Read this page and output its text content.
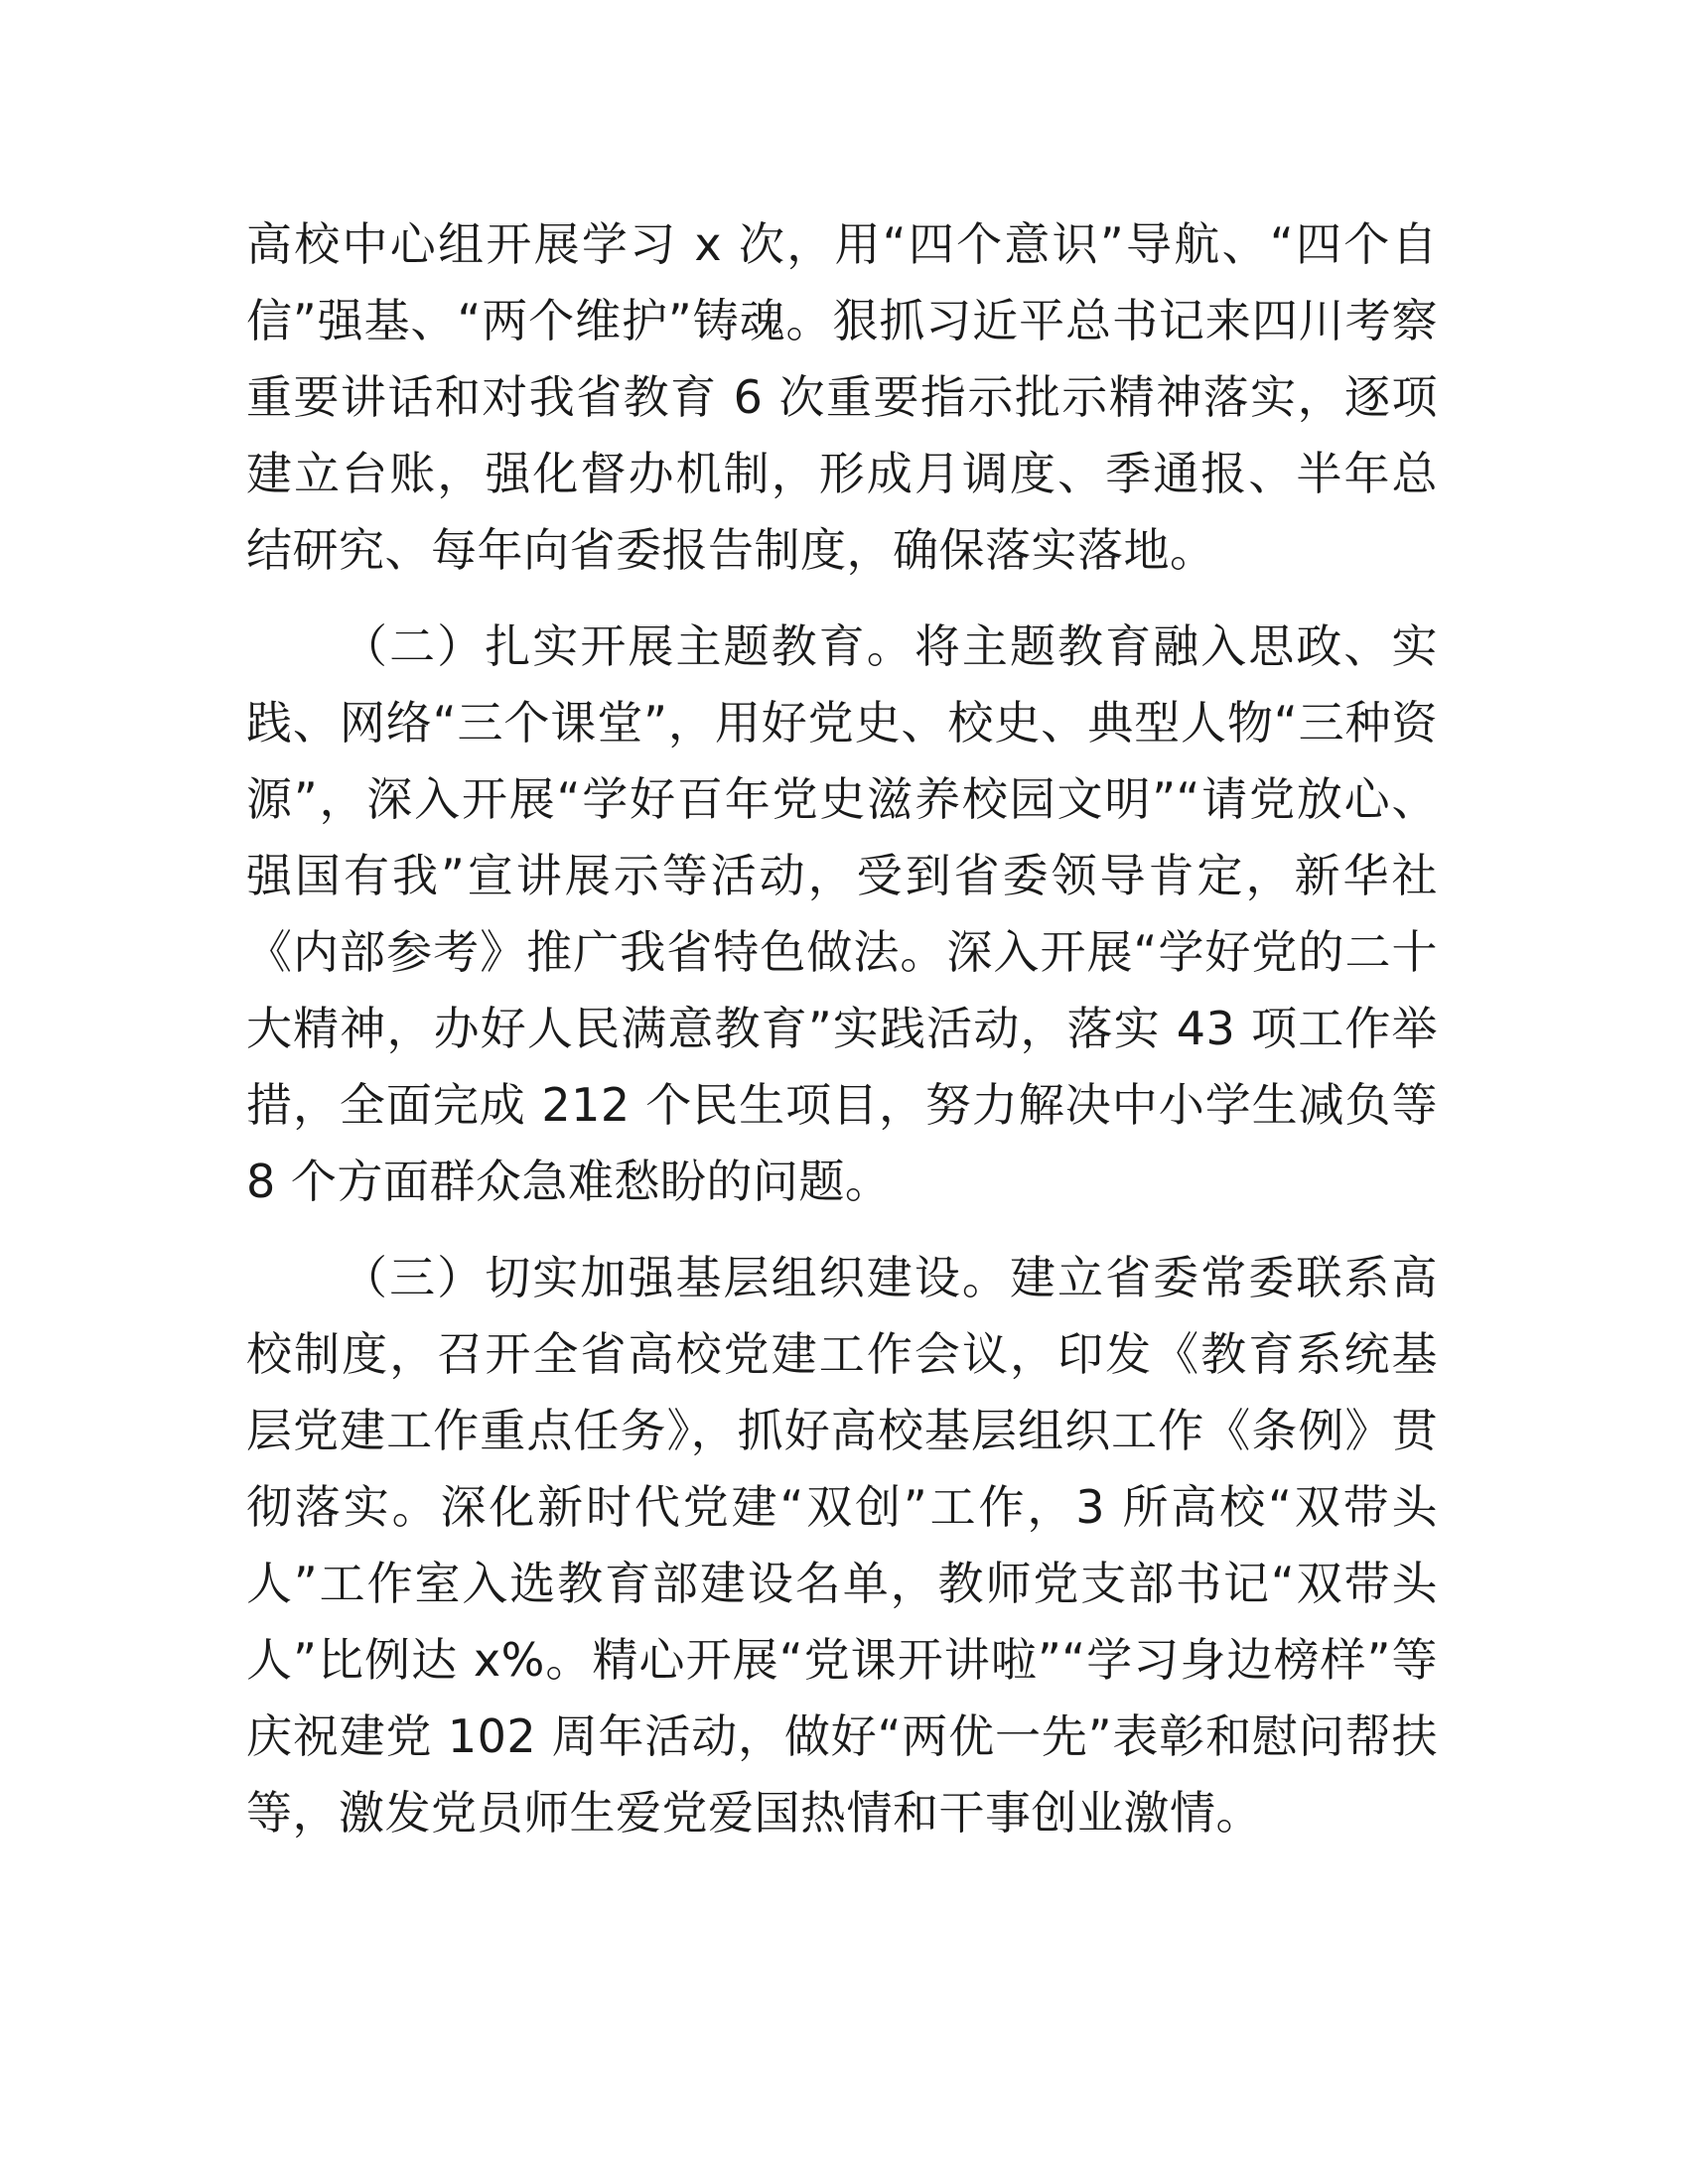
高校中心组开展学习 x 次，用“四个意识”导航、“四个自信”强基、“两个维护”铸魂。狠抓习近平总书记来四川考察重要讲话和对我省教育 6 次重要指示批示精神落实，逐项建立台账，强化督办机制，形成月调度、季通报、半年总结研究、每年向省委报告制度，确保落实落地。

（二）扎实开展主题教育。将主题教育融入思政、实践、网络“三个课堂”，用好党史、校史、典型人物“三种资源”，深入开展“学好百年党史滋养校园文明”“请党放心、强国有我”宣讲展示等活动，受到省委领导肯定，新华社《内部参考》推广我省特色做法。深入开展“学好党的二十大精神，办好人民满意教育”实践活动，落实 43 项工作举措，全面完成 212 个民生项目，努力解决中小学生减负等 8 个方面群众急难愁盼的问题。

（三）切实加强基层组织建设。建立省委常委联系高校制度，召开全省高校党建工作会议，印发《教育系统基层党建工作重点任务》，抓好高校基层组织工作《条例》贯彻落实。深化新时代党建“双创”工作，3 所高校“双带头人”工作室入选教育部建设名单，教师党支部书记“双带头人”比例达 x%。精心开展“党课开讲啦”“学习身边榜样”等庆祝建党 102 周年活动，做好“两优一先”表彰和慰问帮扶等，激发党员师生爱党爱国热情和干事创业激情。
